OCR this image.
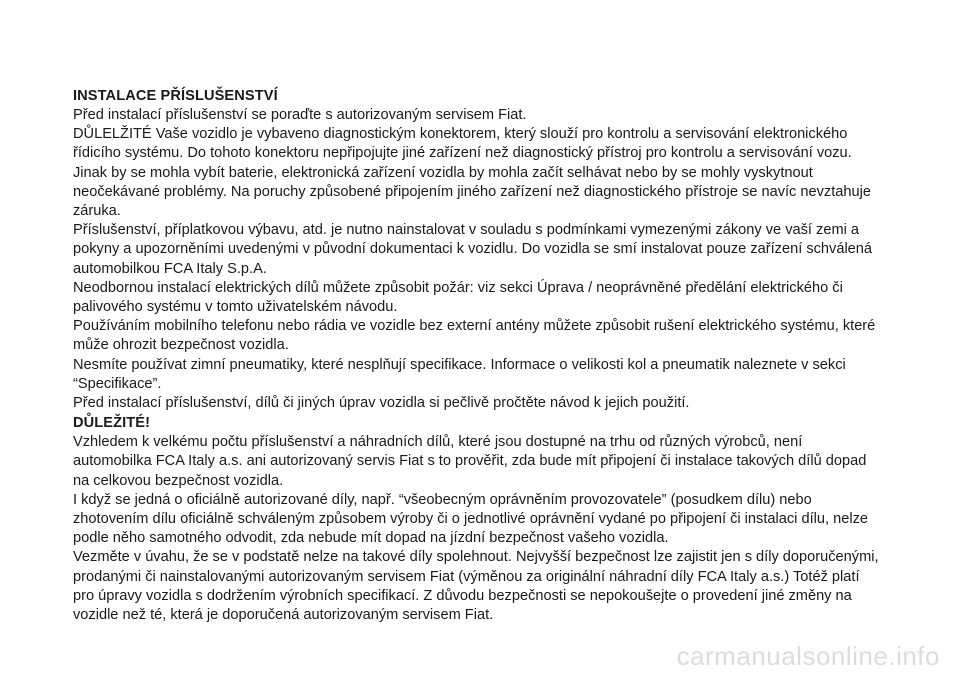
INSTALACE PŘÍSLUŠENSTVÍ

Před instalací příslušenství se poraďte s autorizovaným servisem Fiat.

DŮLELŽITÉ Vaše vozidlo je vybaveno diagnostickým konektorem, který slouží pro kontrolu a servisování elektronického řídicího systému. Do tohoto konektoru nepřipojujte jiné zařízení než diagnostický přístroj pro kontrolu a servisování vozu. Jinak by se mohla vybít baterie, elektronická zařízení vozidla by mohla začít selhávat nebo by se mohly vyskytnout neočekávané problémy. Na poruchy způsobené připojením jiného zařízení než diagnostického přístroje se navíc nevztahuje záruka.

Příslušenství, příplatkovou výbavu, atd. je nutno nainstalovat v souladu s podmínkami vymezenými zákony ve vaší zemi a pokyny a upozorněními uvedenými v původní dokumentaci k vozidlu. Do vozidla se smí instalovat pouze zařízení schválená automobilkou FCA Italy S.p.A.

Neodbornou instalací elektrických dílů můžete způsobit požár: viz sekci Úprava / neoprávněné předělání elektrického či palivového systému v tomto uživatelském návodu.

Používáním mobilního telefonu nebo rádia ve vozidle bez externí antény můžete způsobit rušení elektrického systému, které může ohrozit bezpečnost vozidla.

Nesmíte používat zimní pneumatiky, které nesplňují specifikace. Informace o velikosti kol a pneumatik naleznete v sekci “Specifikace”.

Před instalací příslušenství, dílů či jiných úprav vozidla si pečlivě pročtěte návod k jejich použití.

DŮLEŽITÉ!

Vzhledem k velkému počtu příslušenství a náhradních dílů, které jsou dostupné na trhu od různých výrobců, není automobilka FCA Italy a.s. ani autorizovaný servis Fiat s to prověřit, zda bude mít připojení či instalace takových dílů dopad na celkovou bezpečnost vozidla.

I když se jedná o oficiálně autorizované díly, např. “všeobecným oprávněním provozovatele” (posudkem dílu) nebo zhotovením dílu oficiálně schváleným způsobem výroby či o jednotlivé oprávnění vydané po připojení či instalaci dílu, nelze podle něho samotného odvodit, zda nebude mít dopad na jízdní bezpečnost vašeho vozidla.

Vezměte v úvahu, že se v podstatě nelze na takové díly spolehnout. Nejvyšší bezpečnost lze zajistit jen s díly doporučenými, prodanými či nainstalovanými autorizovaným servisem Fiat (výměnou za originální náhradní díly FCA Italy a.s.) Totéž platí pro úpravy vozidla s dodržením výrobních specifikací. Z důvodu bezpečnosti se nepokoušejte o provedení jiné změny na vozidle než té, která je doporučená autorizovaným servisem Fiat.

carmanualsonline.info
